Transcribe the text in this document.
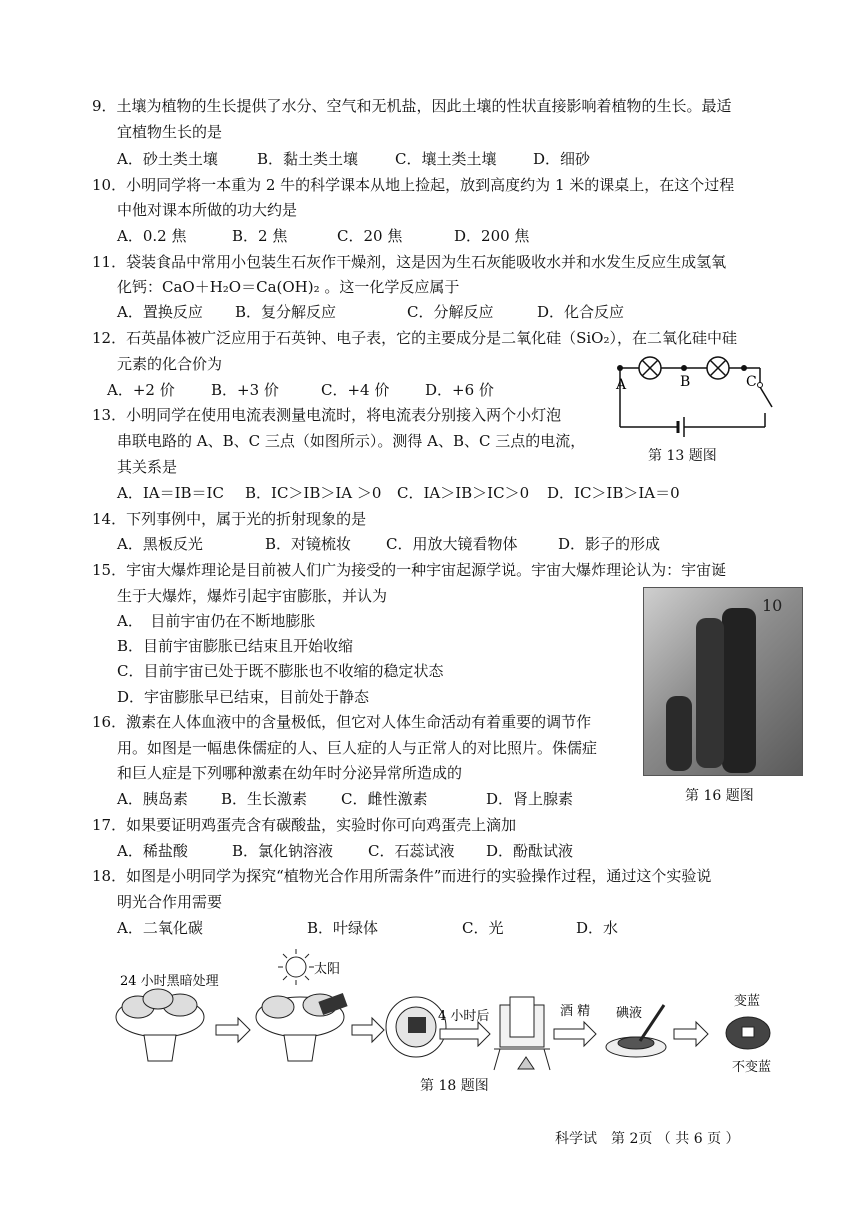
9．土壤为植物的生长提供了水分、空气和无机盐，因此土壤的性状直接影响着植物的生长。最适
宜植物生长的是
A．砂土类土壤	B．黏土类土壤 C．壤土类土壤 D．细砂
10．小明同学将一本重为 2 牛的科学课本从地上捡起，放到高度约为 1 米的课桌上，在这个过程
中他对课本所做的功大约是
A．0.2 焦	B．2 焦	C．20 焦	D．200 焦
11．袋装食品中常用小包装生石灰作干燥剂，这是因为生石灰能吸收水并和水发生反应生成氢氧
化钙：CaO＋H₂O＝Ca(OH)₂ 。这一化学反应属于
A．置换反应 B．复分解反应	C．分解反应	D．化合反应
12．石英晶体被广泛应用于石英钟、电子表，它的主要成分是二氧化硅（SiO₂），在二氧化硅中硅
元素的化合价为
A．+2 价 B．+3 价	C．+4 价 D．+6 价
13．小明同学在使用电流表测量电流时，将电流表分别接入两个小灯泡
串联电路的 A、B、C 三点（如图所示）。测得 A、B、C 三点的电流，
其关系是
A．IA＝IB＝IC B．IC＞IB＞IA ＞0 C．IA＞IB＞IC＞0 D．IC＞IB＞IA＝0
A	B	C
第 13 题图
14．下列事例中，属于光的折射现象的是
A．黑板反光	B．对镜梳妆 C．用放大镜看物体	D．影子的形成
15．宇宙大爆炸理论是目前被人们广为接受的一种宇宙起源学说。宇宙大爆炸理论认为：宇宙诞
生于大爆炸，爆炸引起宇宙膨胀，并认为
A．　目前宇宙仍在不断地膨胀
B．目前宇宙膨胀已结束且开始收缩
C．目前宇宙已处于既不膨胀也不收缩的稳定状态
D．宇宙膨胀早已结束，目前处于静态
10
第 16 题图
16．激素在人体血液中的含量极低，但它对人体生命活动有着重要的调节作
用。如图是一幅患侏儒症的人、巨人症的人与正常人的对比照片。侏儒症
和巨人症是下列哪种激素在幼年时分泌异常所造成的
A．胰岛素 B．生长激素 C．雌性激素	D．肾上腺素
17．如果要证明鸡蛋壳含有碳酸盐，实验时你可向鸡蛋壳上滴加
A．稀盐酸	B．氯化钠溶液 C．石蕊试液 D．酚酞试液
18．如图是小明同学为探究“植物光合作用所需条件”而进行的实验操作过程，通过这个实验说
明光合作用需要
A．二氧化碳	B．叶绿体	C．光	D．水
24 小时黑暗处理
太阳
4 小时后	酒 精 碘液
变蓝
不变蓝
第 18 题图
科学试　第 2页 （ 共 6 页 ）
